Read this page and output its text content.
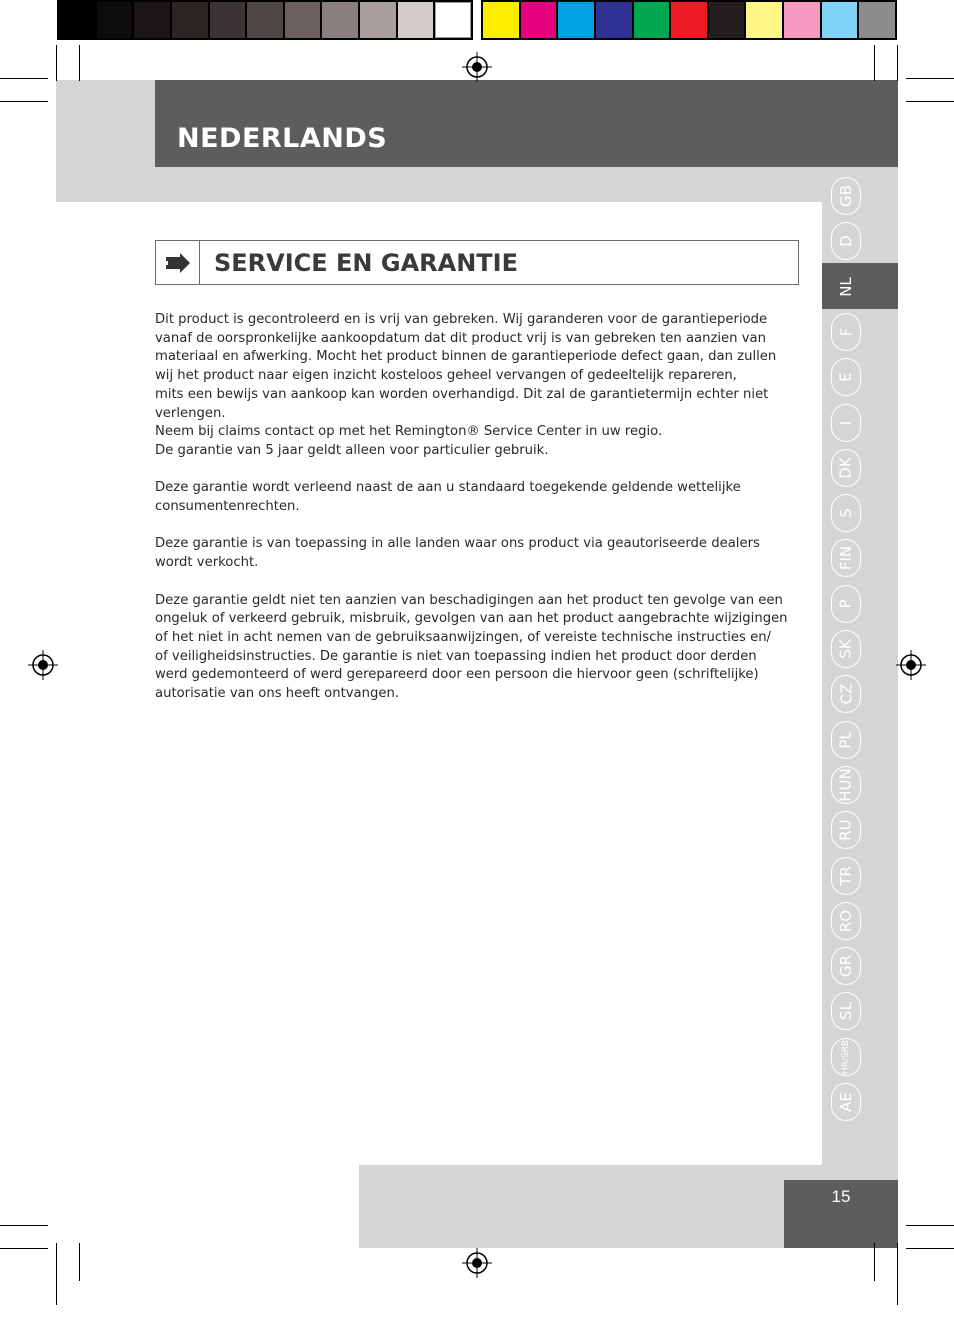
NEDERLANDS
GB
D
NL
F
E
I
DK
S
FIN
P
SK
CZ
PL
HUN
RU
TR
RO
GR
SL
HR/SRB
AE
SERVICE EN GARANTIE

Dit product is gecontroleerd en is vrij van gebreken. Wij garanderen voor de garantieperiode
vanaf de oorspronkelijke aankoopdatum dat dit product vrij is van gebreken ten aanzien van
materiaal en afwerking. Mocht het product binnen de garantieperiode defect gaan, dan zullen
wij het product naar eigen inzicht kosteloos geheel vervangen of gedeeltelijk repareren,
mits een bewijs van aankoop kan worden overhandigd. Dit zal de garantietermijn echter niet
verlengen.
Neem bij claims contact op met het Remington® Service Center in uw regio.
De garantie van 5 jaar geldt alleen voor particulier gebruik.

Deze garantie wordt verleend naast de aan u standaard toegekende geldende wettelijke
consumentenrechten.

Deze garantie is van toepassing in alle landen waar ons product via geautoriseerde dealers
wordt verkocht.

Deze garantie geldt niet ten aanzien van beschadigingen aan het product ten gevolge van een
ongeluk of verkeerd gebruik, misbruik, gevolgen van aan het product aangebrachte wijzigingen
of het niet in acht nemen van de gebruiksaanwijzingen, of vereiste technische instructies en/
of veiligheidsinstructies. De garantie is niet van toepassing indien het product door derden
werd gedemonteerd of werd gerepareerd door een persoon die hiervoor geen (schriftelijke)
autorisatie van ons heeft ontvangen.

15
